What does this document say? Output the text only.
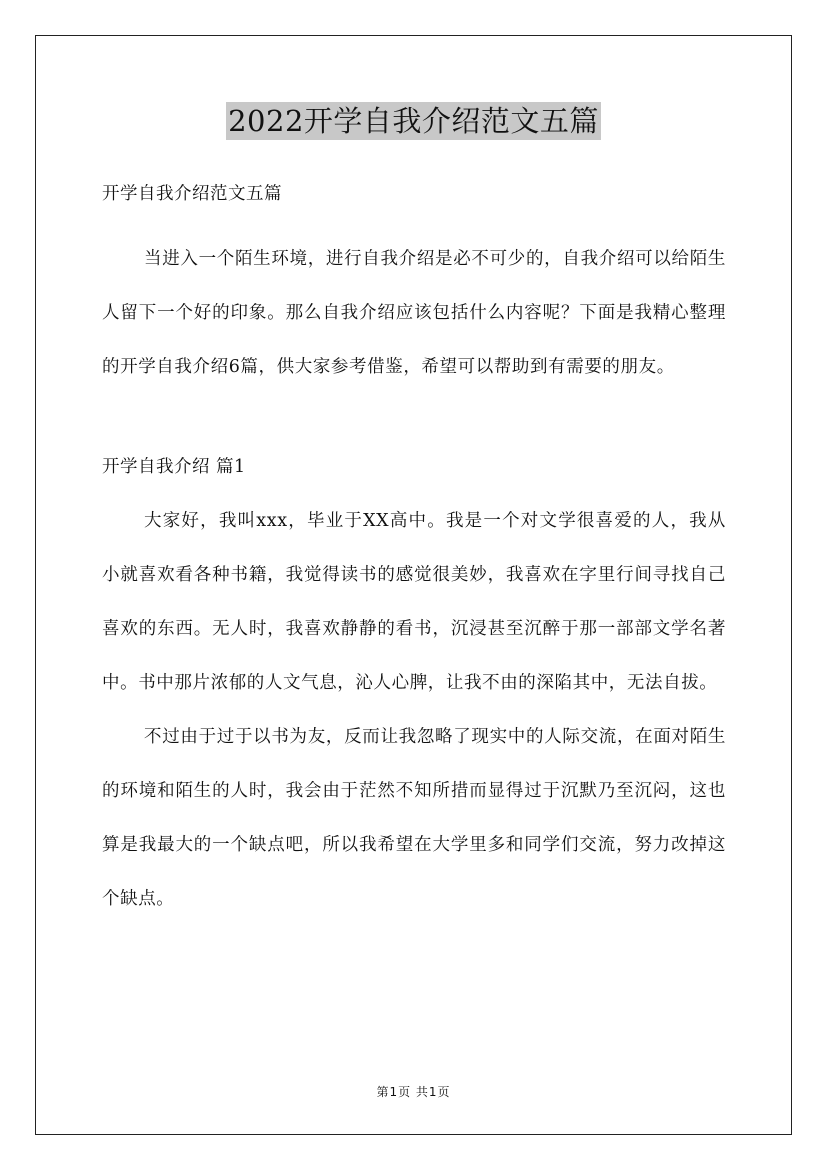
2022开学自我介绍范文五篇

开学自我介绍范文五篇

当进入一个陌生环境，进行自我介绍是必不可少的，自我介绍可以给陌生人留下一个好的印象。那么自我介绍应该包括什么内容呢？下面是我精心整理的开学自我介绍6篇，供大家参考借鉴，希望可以帮助到有需要的朋友。

开学自我介绍 篇1

大家好，我叫xxx，毕业于XX高中。我是一个对文学很喜爱的人，我从小就喜欢看各种书籍，我觉得读书的感觉很美妙，我喜欢在字里行间寻找自己喜欢的东西。无人时，我喜欢静静的看书，沉浸甚至沉醉于那一部部文学名著中。书中那片浓郁的人文气息，沁人心脾，让我不由的深陷其中，无法自拔。

不过由于过于以书为友，反而让我忽略了现实中的人际交流，在面对陌生的环境和陌生的人时，我会由于茫然不知所措而显得过于沉默乃至沉闷，这也算是我最大的一个缺点吧，所以我希望在大学里多和同学们交流，努力改掉这个缺点。

第1页 共1页
